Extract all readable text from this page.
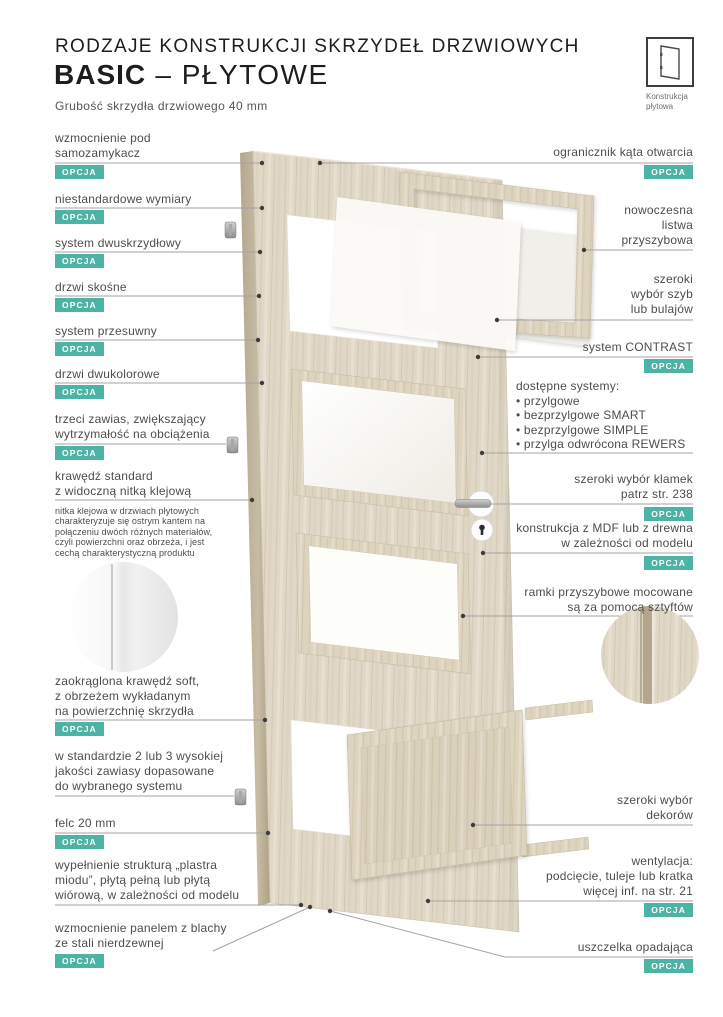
RODZAJE KONSTRUKCJI SKRZYDEŁ DRZWIOWYCH
BASIC – PŁYTOWE
Grubość skrzydła drzwiowego 40 mm
Konstrukcja
płytowa
wzmocnienie pod
samozamykacz
OPCJA
niestandardowe wymiary
OPCJA
system dwuskrzydłowy
OPCJA
drzwi skośne
OPCJA
system przesuwny
OPCJA
drzwi dwukolorowe
OPCJA
trzeci zawias, zwiększający
wytrzymałość na obciążenia
OPCJA
krawędź standard
z widoczną nitką klejową
nitka klejowa w drzwiach płytowych
charakteryzuje się ostrym kantem na
połączeniu dwóch różnych materiałów,
czyli powierzchni oraz obrzeża, i jest
cechą charakterystyczną produktu
zaokrąglona krawędź soft,
z obrzeżem wykładanym
na powierzchnię skrzydła
OPCJA
w standardzie 2 lub 3 wysokiej
jakości zawiasy dopasowane
do wybranego systemu
felc 20 mm
OPCJA
wypełnienie strukturą „plastra
miodu”, płytą pełną lub płytą
wiórową, w zależności od modelu
wzmocnienie panelem z blachy
ze stali nierdzewnej
OPCJA
ogranicznik kąta otwarcia
OPCJA
nowoczesna
listwa
przyszybowa
szeroki
wybór szyb
lub bulajów
system CONTRAST
OPCJA
dostępne systemy:
• przylgowe
• bezprzylgowe SMART
• bezprzylgowe SIMPLE
• przylga odwrócona REWERS
szeroki wybór klamek
patrz str. 238
OPCJA
konstrukcja z MDF lub z drewna
w zależności od modelu
OPCJA
ramki przyszybowe mocowane
są za pomocą sztyftów
szeroki wybór
dekorów
wentylacja:
podcięcie, tuleje lub kratka
więcej inf. na str. 21
OPCJA
uszczelka opadająca
OPCJA
